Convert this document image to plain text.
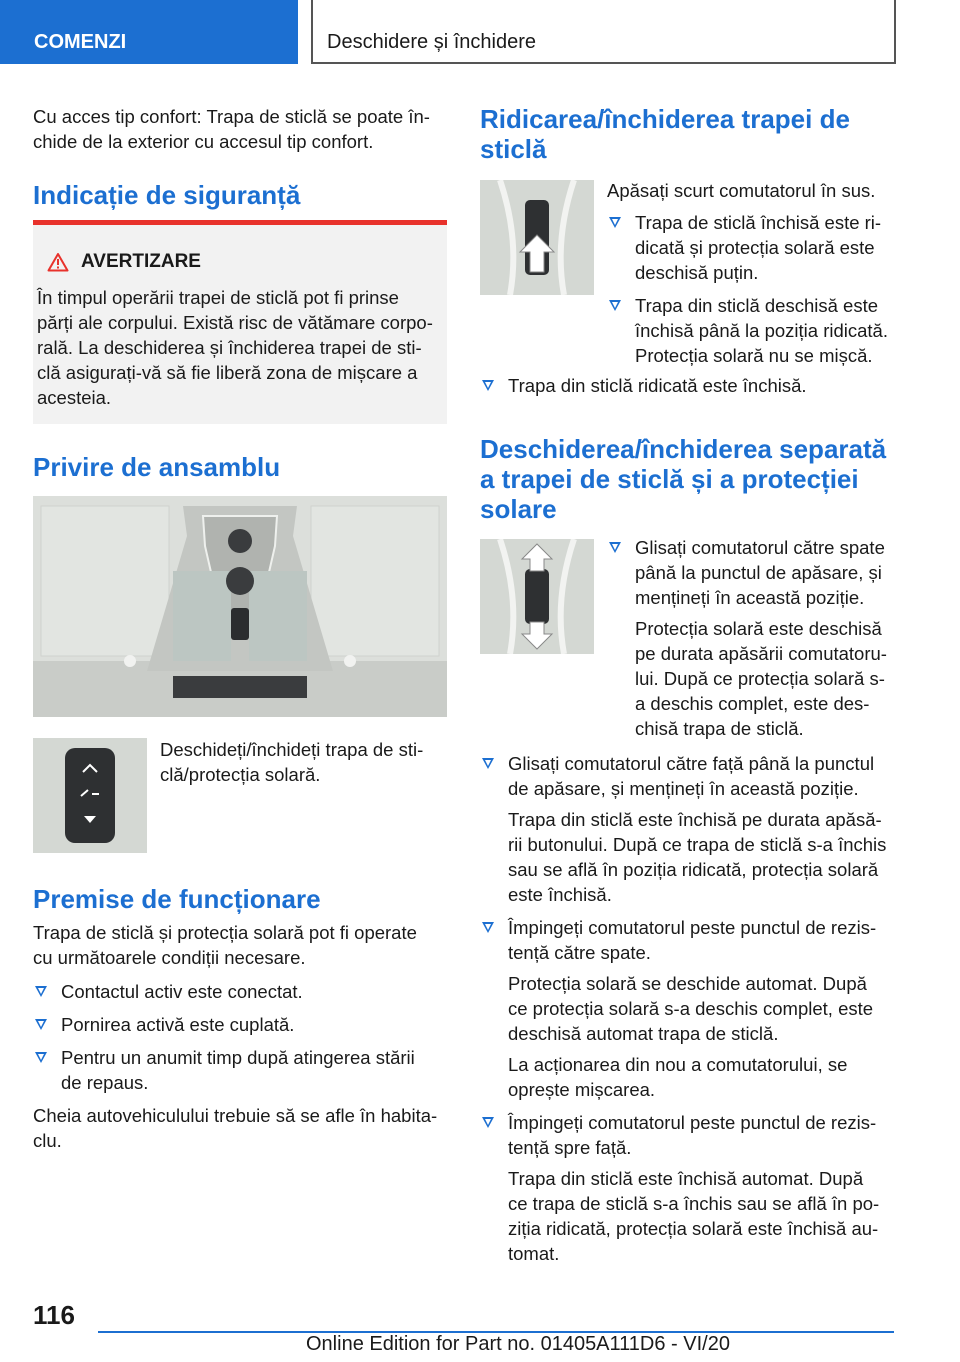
COMENZI	Deschidere și închidere
Cu acces tip confort: Trapa de sticlă se poate în-
chide de la exterior cu accesul tip confort.
Indicație de siguranță
AVERTIZARE
În timpul operării trapei de sticlă pot fi prinse
părți ale corpului. Există risc de vătămare corpo-
rală. La deschiderea și închiderea trapei de sti-
clă asigurați-vă să fie liberă zona de mișcare a
acesteia.
Privire de ansamblu
Deschideți/închideți trapa de sti-
clă/protecția solară.
Premise de funcționare
Trapa de sticlă și protecția solară pot fi operate
cu următoarele condiții necesare.
Contactul activ este conectat.
Pornirea activă este cuplată.
Pentru un anumit timp după atingerea stării
de repaus.
Cheia autovehiculului trebuie să se afle în habita-
clu.
Ridicarea/închiderea trapei de
sticlă
Apăsați scurt comutatorul în sus.
Trapa de sticlă închisă este ri-
dicată și protecția solară este
deschisă puțin.
Trapa din sticlă deschisă este
închisă până la poziția ridicată.
Protecția solară nu se mișcă.
Trapa din sticlă ridicată este închisă.
Deschiderea/închiderea separată
a trapei de sticlă și a protecției
solare
Glisați comutatorul către spate
până la punctul de apăsare, și
mențineți în această poziție.
Protecția solară este deschisă
pe durata apăsării comutatoru-
lui. După ce protecția solară s-
a deschis complet, este des-
chisă trapa de sticlă.
Glisați comutatorul către față până la punctul
de apăsare, și mențineți în această poziție.
Trapa din sticlă este închisă pe durata apăsă-
rii butonului. După ce trapa de sticlă s-a închis
sau se află în poziția ridicată, protecția solară
este închisă.
Împingeți comutatorul peste punctul de rezis-
tență către spate.
Protecția solară se deschide automat. După
ce protecția solară s-a deschis complet, este
deschisă automat trapa de sticlă.
La acționarea din nou a comutatorului, se
oprește mișcarea.
Împingeți comutatorul peste punctul de rezis-
tență spre față.
Trapa din sticlă este închisă automat. După
ce trapa de sticlă s-a închis sau se află în po-
ziția ridicată, protecția solară este închisă au-
tomat.
116
Online Edition for Part no. 01405A111D6 - VI/20
